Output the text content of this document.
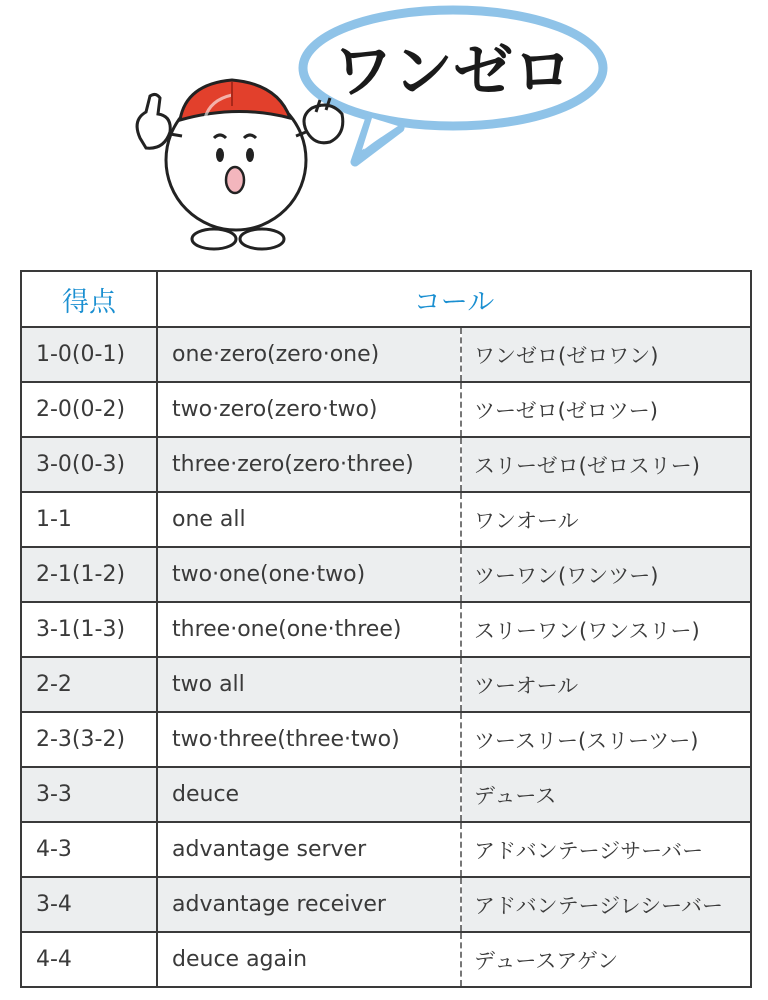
ワンゼロ
得点	コール	
1-0(0-1)	one·zero(zero·one)	ワンゼロ(ゼロワン)
2-0(0-2)	two·zero(zero·two)	ツーゼロ(ゼロツー)
3-0(0-3)	three·zero(zero·three)	スリーゼロ(ゼロスリー)
1-1	one all	ワンオール
2-1(1-2)	two·one(one·two)	ツーワン(ワンツー)
3-1(1-3)	three·one(one·three)	スリーワン(ワンスリー)
2-2	two all	ツーオール
2-3(3-2)	two·three(three·two)	ツースリー(スリーツー)
3-3	deuce	デュース
4-3	advantage server	アドバンテージサーバー
3-4	advantage receiver	アドバンテージレシーバー
4-4	deuce again	デュースアゲン
